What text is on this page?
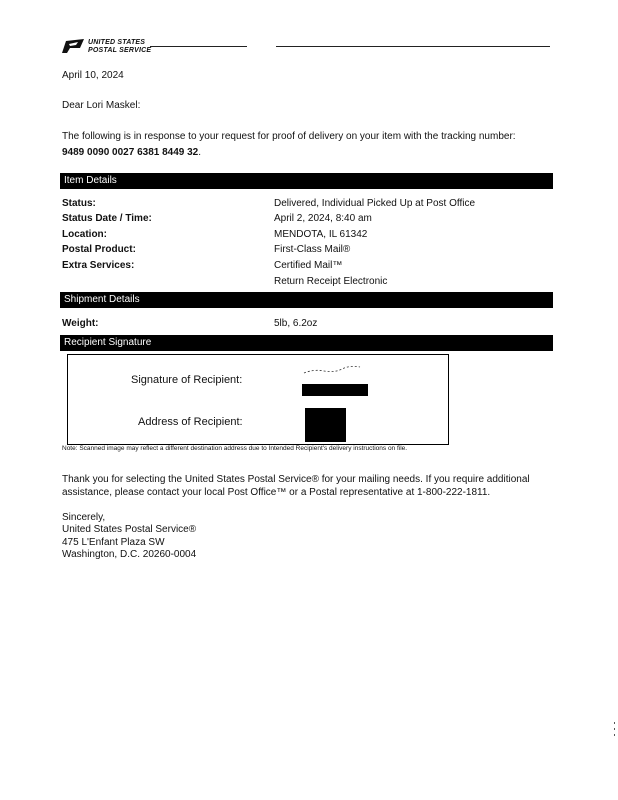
UNITED STATES
POSTAL SERVICE
April 10, 2024
Dear Lori Maskel:
The following is in response to your request for proof of delivery on your item with the tracking number:
9489 0090 0027 6381 8449 32.
Item Details
Status:	Delivered, Individual Picked Up at Post Office
Status Date / Time:	April 2, 2024, 8:40 am
Location:	MENDOTA, IL 61342
Postal Product:	First-Class Mail®
Extra Services:	Certified Mail™
Return Receipt Electronic
Shipment Details
Weight:	5lb, 6.2oz
Recipient Signature
Signature of Recipient:
Address of Recipient:
Note: Scanned image may reflect a different destination address due to Intended Recipient's delivery instructions on file.
Thank you for selecting the United States Postal Service® for your mailing needs. If you require additional
assistance, please contact your local Post Office™ or a Postal representative at 1-800-222-1811.
Sincerely,
United States Postal Service®
475 L'Enfant Plaza SW
Washington, D.C. 20260-0004
